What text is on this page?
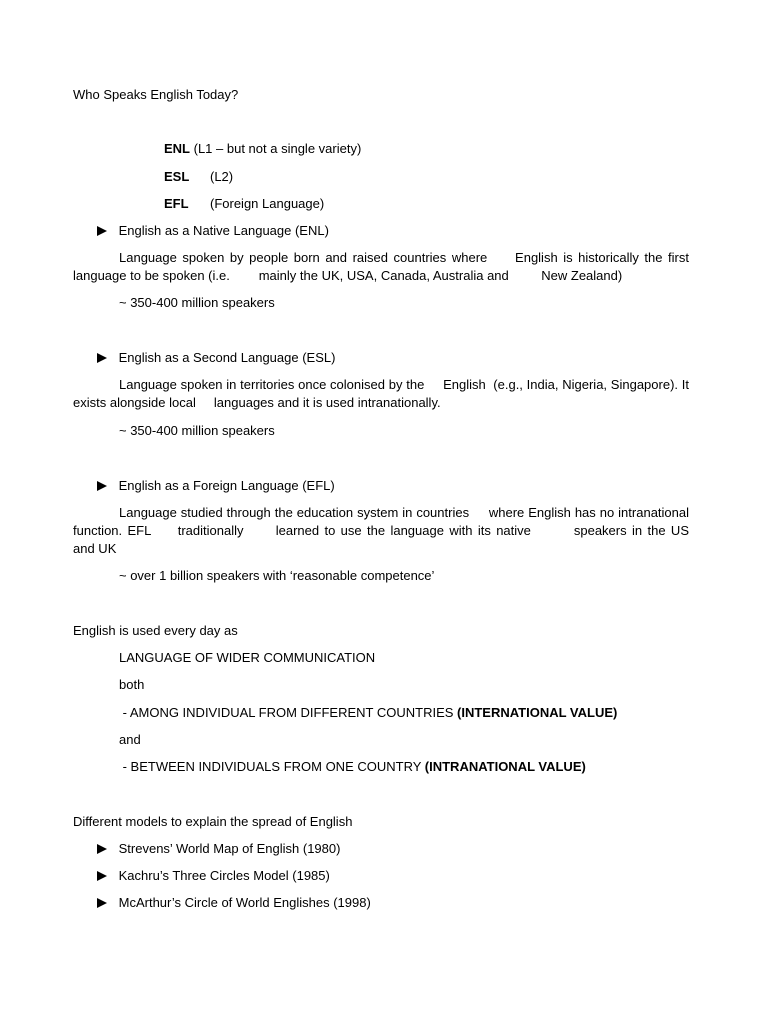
Who Speaks English Today?
ENL (L1 – but not a single variety)
ESL (L2)
EFL (Foreign Language)
English as a Native Language (ENL)
Language spoken by people born and raised countries where     English is historically the first language to be spoken (i.e.        mainly the UK, USA, Canada, Australia and         New Zealand)
~ 350-400 million speakers
English as a Second Language (ESL)
Language spoken in territories once colonised by the     English  (e.g., India, Nigeria, Singapore). It exists alongside local     languages and it is used intranationally.
~ 350-400 million speakers
English as a Foreign Language (EFL)
Language studied through the education system in countries     where English has no intranational function. EFL     traditionally      learned to use the language with its native        speakers in the US         and UK
~ over 1 billion speakers with ‘reasonable competence’
English is used every day as
LANGUAGE OF WIDER COMMUNICATION
both
- AMONG INDIVIDUAL FROM DIFFERENT COUNTRIES (INTERNATIONAL VALUE)
and
- BETWEEN INDIVIDUALS FROM ONE COUNTRY (INTRANATIONAL VALUE)
Different models to explain the spread of English
Strevens’ World Map of English (1980)
Kachru’s Three Circles Model (1985)
McArthur’s Circle of World Englishes (1998)
